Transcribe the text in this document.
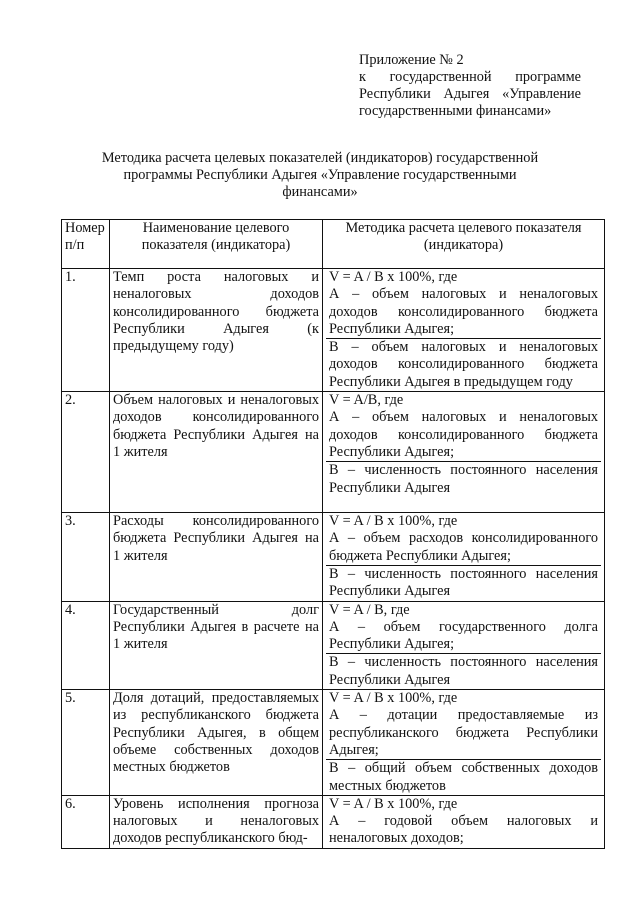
Приложение № 2
к государственной программе
Республики Адыгея «Управление
государственными финансами»
Методика расчета целевых показателей (индикаторов) государственной
программы Республики Адыгея «Управление государственными
финансами»
Номер п/п	Наименование целевого показателя (индикатора)	Методика расчета целевого показателя (индикатора)
1.	Темп роста налоговых и неналоговых доходов консолидированного бюджета Республики Адыгея (к предыдущему году)	V = A / B х 100%, где
А – объем налоговых и неналоговых доходов консолидированного бюджета Республики Адыгея;
В – объем налоговых и неналоговых доходов консолидированного бюджета Республики Адыгея в предыдущем году

2.	Объем налоговых и неналоговых доходов консолидированного бюджета Республики Адыгея на 1 жителя	V = A/B, где
А – объем налоговых и неналоговых доходов консолидированного бюджета Республики Адыгея;
В – численность постоянного населения Республики Адыгея

3.	Расходы консолидированного бюджета Республики Адыгея на 1 жителя	V = A / B х 100%, где
А – объем расходов консолидированного бюджета Республики Адыгея;
В – численность постоянного населения Республики Адыгея

4.	Государственный долг Республики Адыгея в расчете на 1 жителя	V = A / B, где
А – объем государственного долга Республики Адыгея;
В – численность постоянного населения Республики Адыгея

5.	Доля дотаций, предоставляемых из республиканского бюджета Республики Адыгея, в общем объеме собственных доходов местных бюджетов	V = A / B х 100%, где
А – дотации предоставляемые из республиканского бюджета Республики Адыгея;
В – общий объем собственных доходов местных бюджетов

6.	Уровень исполнения прогноза налоговых и неналоговых доходов республиканского бюд-	V = A / B х 100%, где
А – годовой объем налоговых и неналоговых доходов;
